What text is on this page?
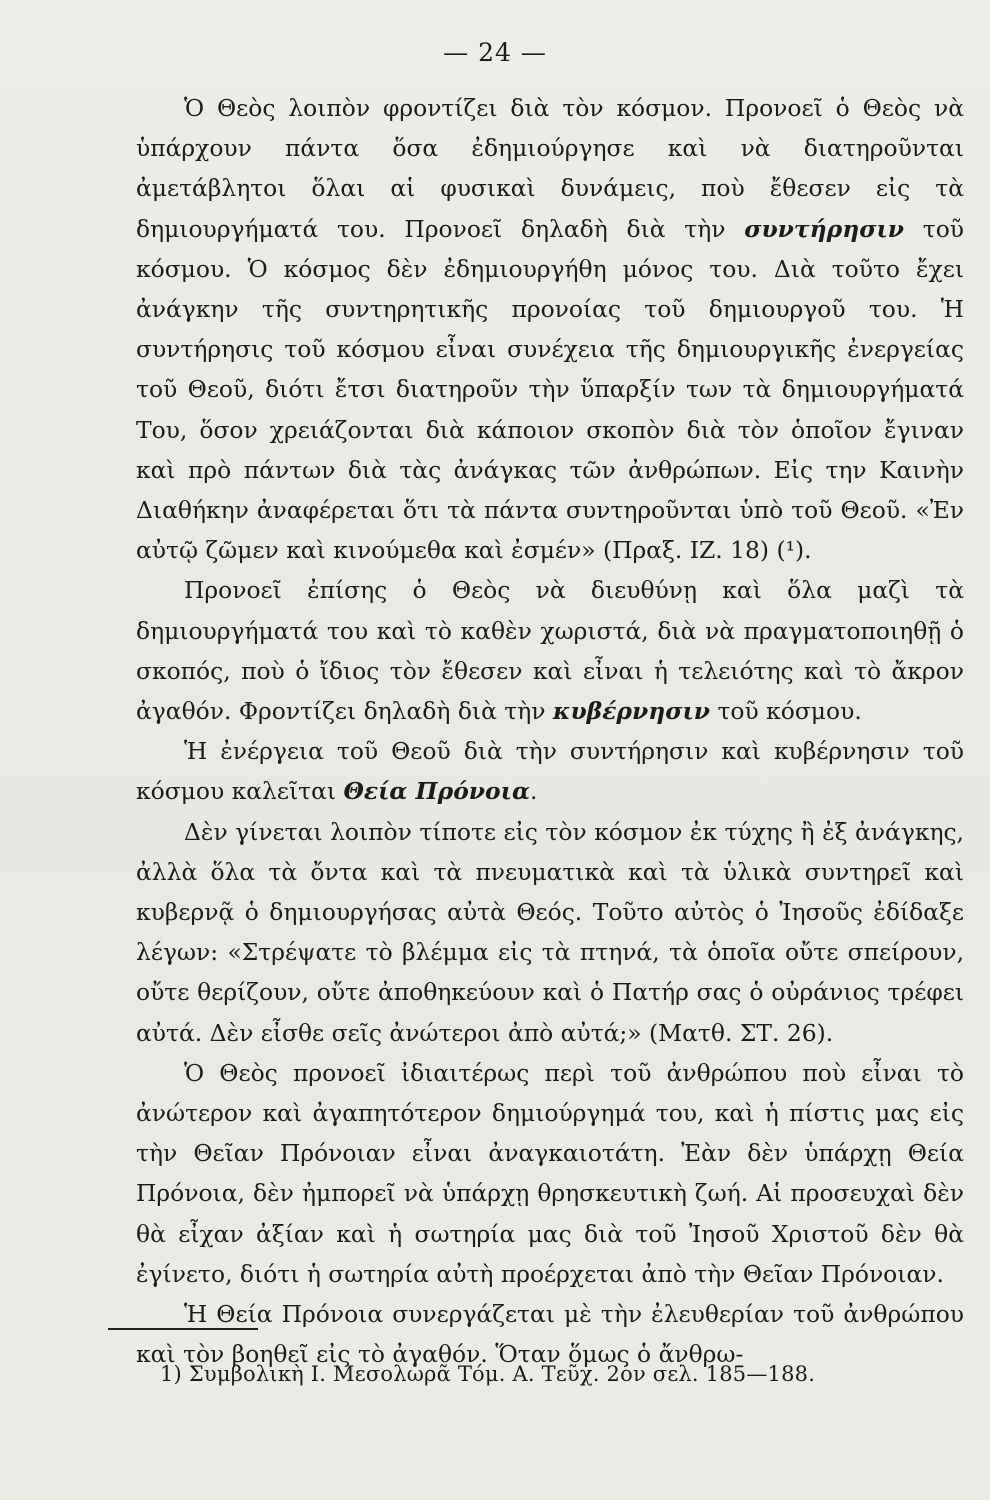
— 24 —

Ὁ Θεὸς λοιπὸν φροντίζει διὰ τὸν κόσμον. Προνοεῖ ὁ Θεὸς νὰ ὑπάρχουν πάντα ὅσα ἐδημιούργησε καὶ νὰ διατηροῦνται ἀμετάβλητοι ὅλαι αἱ φυσικαὶ δυνάμεις, ποὺ ἔθεσεν εἰς τὰ δημιουργήματά του. Προνοεῖ δηλαδὴ διὰ τὴν συντήρησιν τοῦ κόσμου. Ὁ κόσμος δὲν ἐδημιουργήθη μόνος του. Διὰ τοῦτο ἔχει ἀνάγκην τῆς συντηρητικῆς προνοίας τοῦ δημιουργοῦ του. Ἡ συντήρησις τοῦ κόσμου εἶναι συνέχεια τῆς δημιουργικῆς ἐνεργείας τοῦ Θεοῦ, διότι ἔτσι διατηροῦν τὴν ὕπαρξίν των τὰ δημιουργήματά Του, ὅσον χρειάζονται διὰ κάποιον σκοπὸν διὰ τὸν ὁποῖον ἔγιναν καὶ πρὸ πάντων διὰ τὰς ἀνάγκας τῶν ἀνθρώπων. Εἰς την Καινὴν Διαθήκην ἀναφέρεται ὅτι τὰ πάντα συντηροῦνται ὑπὸ τοῦ Θεοῦ. «Ἐν αὐτῷ ζῶμεν καὶ κινούμεθα καὶ ἐσμέν» (Πραξ. ΙΖ. 18) (¹).

Προνοεῖ ἐπίσης ὁ Θεὸς νὰ διευθύνῃ καὶ ὅλα μαζὶ τὰ δημιουργήματά του καὶ τὸ καθὲν χωριστά, διὰ νὰ πραγματοποιηθῇ ὁ σκοπός, ποὺ ὁ ἴδιος τὸν ἔθεσεν καὶ εἶναι ἡ τελειότης καὶ τὸ ἄκρον ἀγαθόν. Φροντίζει δηλαδὴ διὰ τὴν κυβέρνησιν τοῦ κόσμου.

Ἡ ἐνέργεια τοῦ Θεοῦ διὰ τὴν συντήρησιν καὶ κυβέρνησιν τοῦ κόσμου καλεῖται Θεία Πρόνοια.

Δὲν γίνεται λοιπὸν τίποτε εἰς τὸν κόσμον ἐκ τύχης ἢ ἐξ ἀνάγκης, ἀλλὰ ὅλα τὰ ὄντα καὶ τὰ πνευματικὰ καὶ τὰ ὑλικὰ συντηρεῖ καὶ κυβερνᾷ ὁ δημιουργήσας αὐτὰ Θεός. Τοῦτο αὐτὸς ὁ Ἰησοῦς ἐδίδαξε λέγων: «Στρέψατε τὸ βλέμμα εἰς τὰ πτηνά, τὰ ὁποῖα οὔτε σπείρουν, οὔτε θερίζουν, οὔτε ἀποθηκεύουν καὶ ὁ Πατήρ σας ὁ οὐράνιος τρέφει αὐτά. Δὲν εἶσθε σεῖς ἀνώτεροι ἀπὸ αὐτά;» (Ματθ. ΣΤ. 26).

Ὁ Θεὸς προνοεῖ ἰδιαιτέρως περὶ τοῦ ἀνθρώπου ποὺ εἶναι τὸ ἀνώτερον καὶ ἀγαπητότερον δημιούργημά του, καὶ ἡ πίστις μας εἰς τὴν Θεῖαν Πρόνοιαν εἶναι ἀναγκαιοτάτη. Ἐὰν δὲν ὑπάρχῃ Θεία Πρόνοια, δὲν ἠμπορεῖ νὰ ὑπάρχῃ θρησκευτικὴ ζωή. Αἱ προσευχαὶ δὲν θὰ εἶχαν ἀξίαν καὶ ἡ σωτηρία μας διὰ τοῦ Ἰησοῦ Χριστοῦ δὲν θὰ ἐγίνετο, διότι ἡ σωτηρία αὐτὴ προέρχεται ἀπὸ τὴν Θεῖαν Πρόνοιαν.

Ἡ Θεία Πρόνοια συνεργάζεται μὲ τὴν ἐλευθερίαν τοῦ ἀνθρώπου καὶ τὸν βοηθεῖ εἰς τὸ ἀγαθόν. Ὅταν ὅμως ὁ ἄνθρω-

1) Συμβολικὴ Ι. Μεσολωρᾶ Τόμ. Α. Τεῦχ. 2ον σελ. 185—188.
